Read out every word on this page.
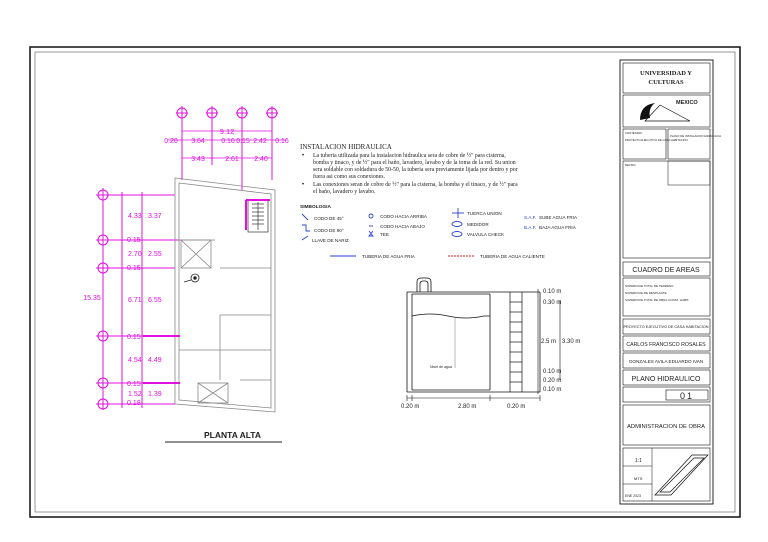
9.12
0.20 3.64 0.16 0.15 2.42 0.16
3.43	2.61 2.40
15.35
4.33
0.15
2.70
0.15
6.71
0.15
4.54
0.15
1.52
0.18
3.37
2.55
6.55
4.49
1.39
PLANTA ALTA
INSTALACION HIDRAULICA
• La tuberia utilizada para la instalacion hidraulica sera de cobre de ½" para cisterna,
bomba y tinaco, y de ½" para el baño, lavadero, lavabo y de la toma de la red. Su union
sera soldable con soldadura de 50-50, la tuberia sera previamente lijada por dentro y por
fuera asi como sus conexiones.
• Las conexiones seran de cobre de ½" para la cisterna, la bomba y el tinaco, y de ½" para
el baño, lavadero y lavabo.
SIMBOLOGIA
CODO DE 45°
CODO DE 90°
LLAVE DE NARIZ
CODO HACIA ARRIBA
CODO HACIA ABAJO
TEE
TUERCA UNION
MEDIDOR
VALVULA CHECK
S.A.F. SUBE AGUA FRIA
B.A.F. BAJA AGUA FRIA
TUBERIA DE AGUA FRIA	TUBERIA DE AGUA CALIENTE
Nivel de agua
0.10 m
0.30 m
2.5 m 3.30 m
0.10 m
0.20 m
0.10 m
0.20 m	2.80 m	0.20 m
UNIVERSIDAD Y
CULTURAS
MEXICO
CONTENIDO:
PROYECTO EJECUTIVO DE CASA HABITACION
PLANO DE INSTALACION HIDRAULICA
REVISO
CUADRO DE AREAS
SUPERFICIE TOTAL DE TERRENO
SUPERFICIE DE DESPLANTE
SUPERFICIE TOTAL DE OBRA CONST. HABIT.
PROYECTO EJECUTIVO DE CASA HABITACION
CARLOS FRANCISCO ROSALES
GONZALES AVILA EDUARDO IVAN
PLANO HIDRAULICO
01
ADMINISTRACION DE OBRA
1:1
MTS
ENE 2023
